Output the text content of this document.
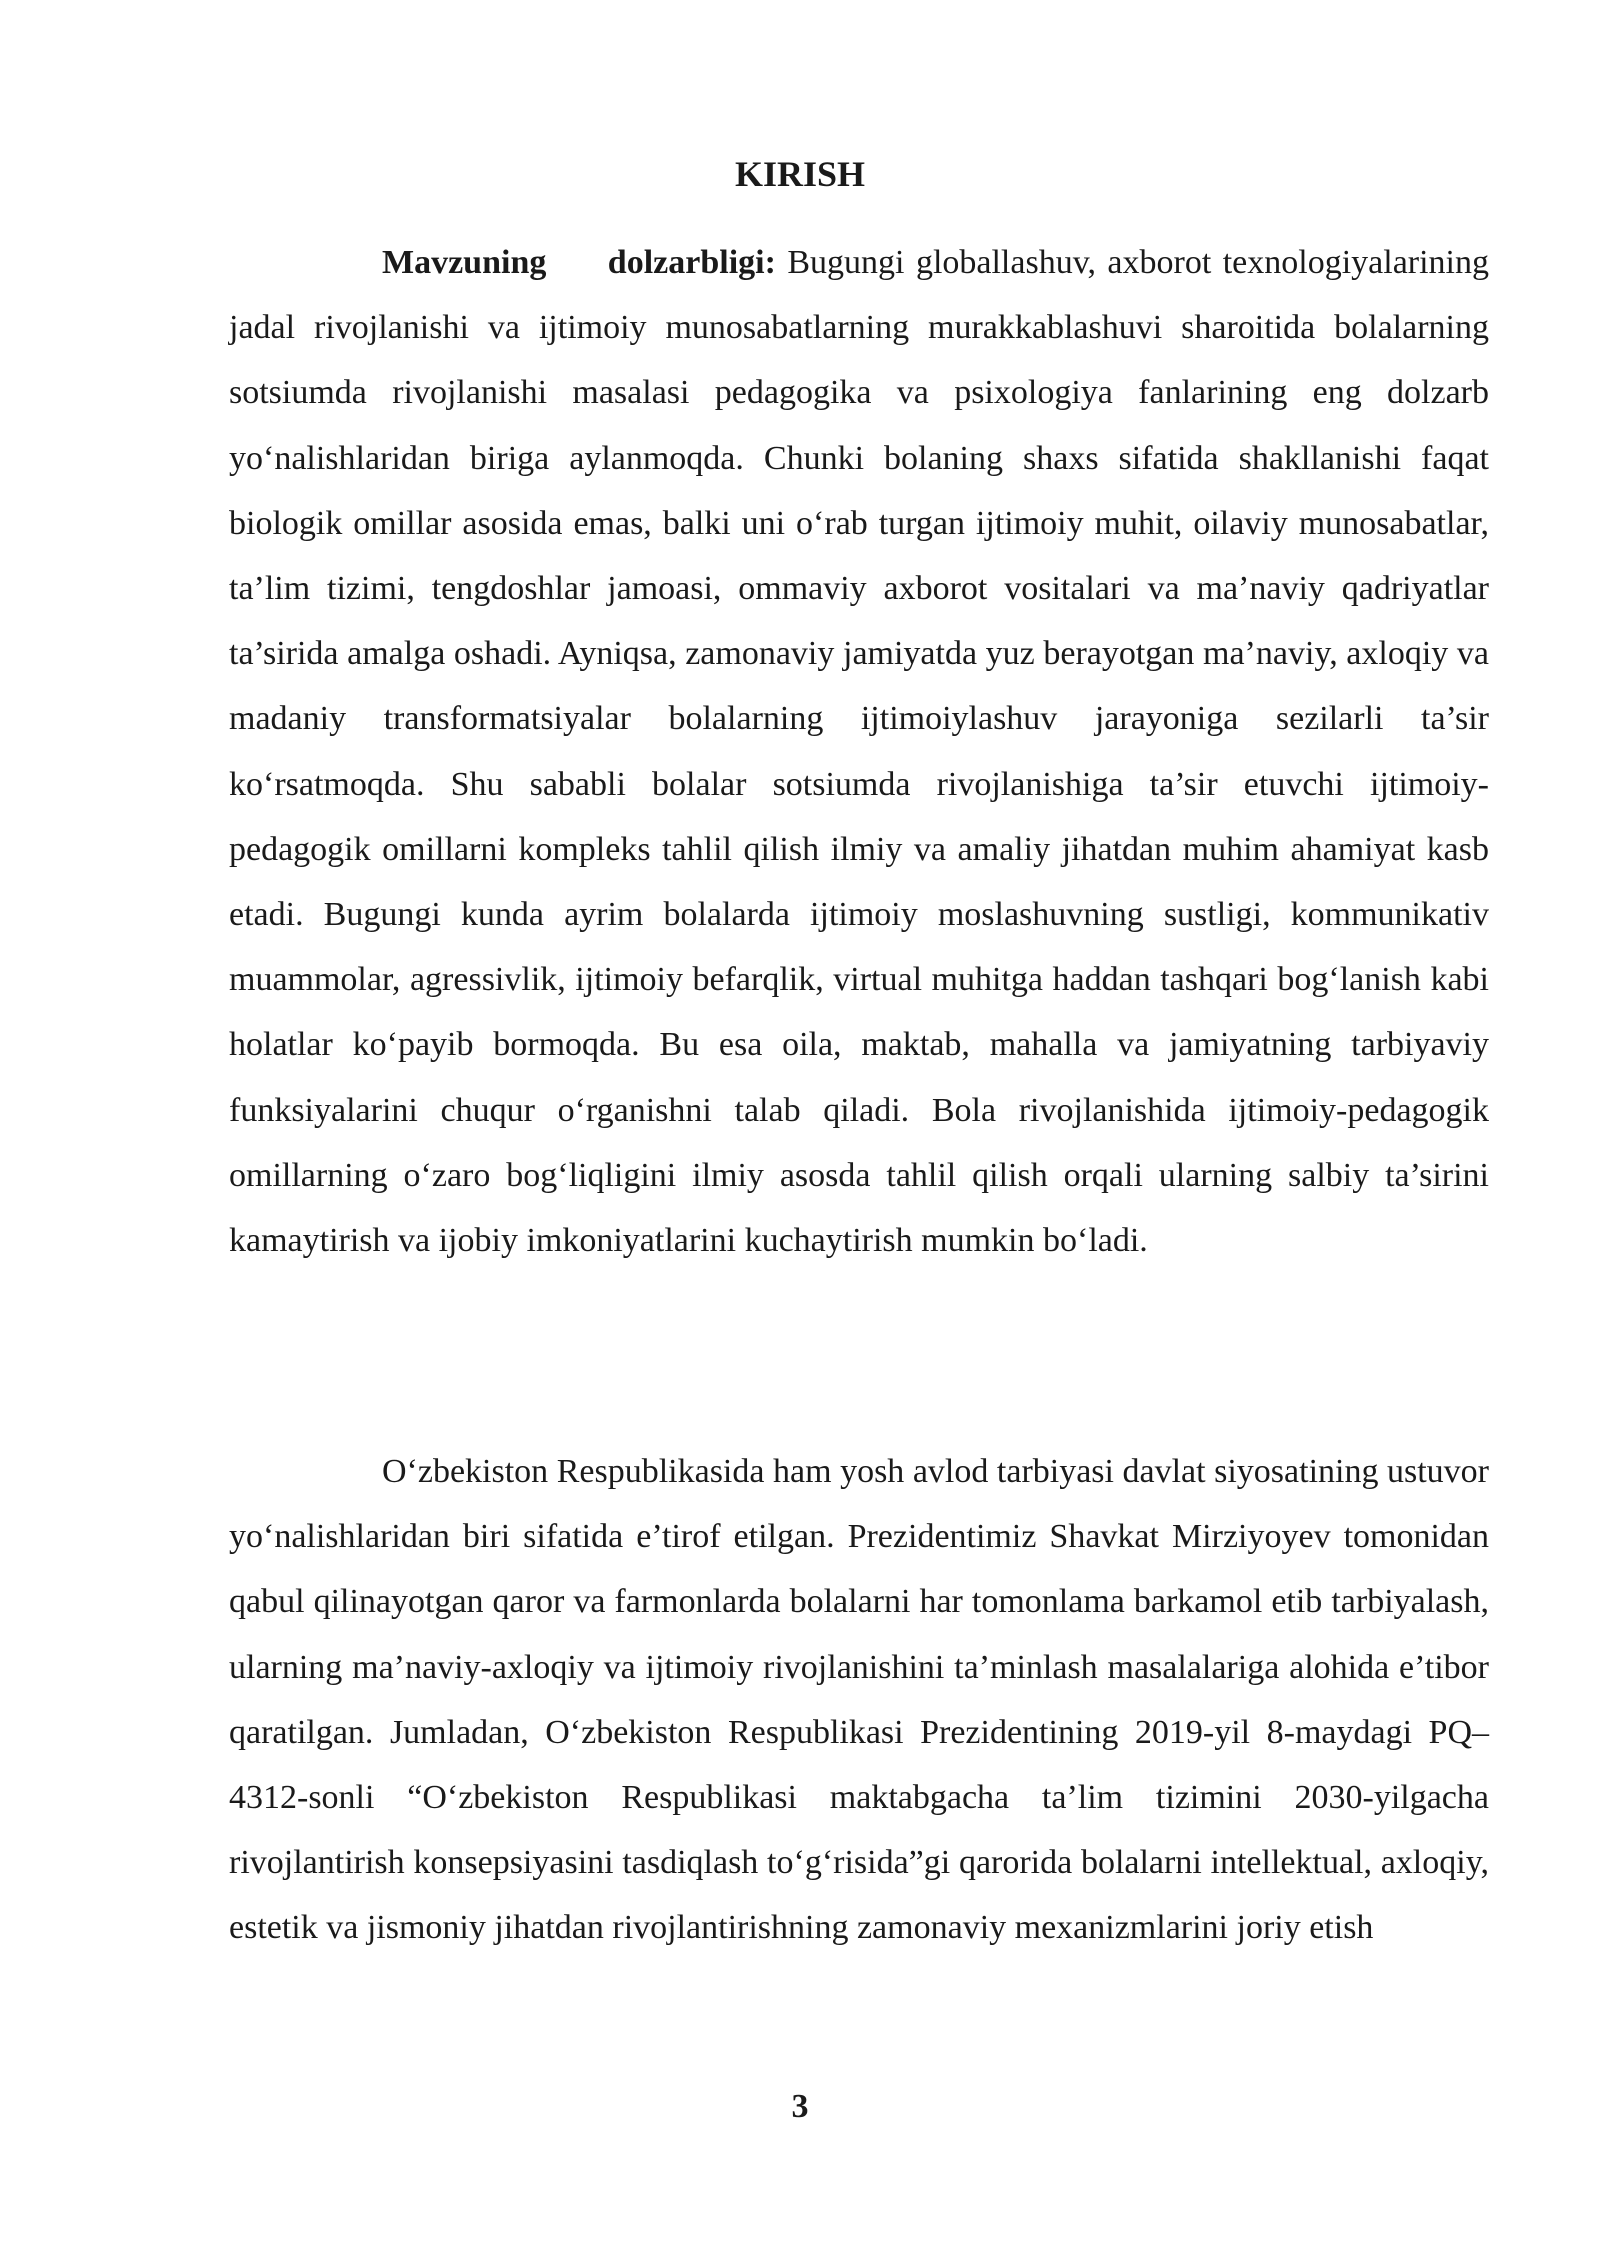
KIRISH

Mavzuning dolzarbligi: Bugungi globallashuv, axborot texnologiyalarining jadal rivojlanishi va ijtimoiy munosabatlarning murakkablashuvi sharoitida bolalarning sotsiumda rivojlanishi masalasi pedagogika va psixologiya fanlarining eng dolzarb yo‘nalishlaridan biriga aylanmoqda. Chunki bolaning shaxs sifatida shakllanishi faqat biologik omillar asosida emas, balki uni o‘rab turgan ijtimoiy muhit, oilaviy munosabatlar, ta’lim tizimi, tengdoshlar jamoasi, ommaviy axborot vositalari va ma’naviy qadriyatlar ta’sirida amalga oshadi. Ayniqsa, zamonaviy jamiyatda yuz berayotgan ma’naviy, axloqiy va madaniy transformatsiyalar bolalarning ijtimoiylashuv jarayoniga sezilarli ta’sir ko‘rsatmoqda. Shu sababli bolalar sotsiumda rivojlanishiga ta’sir etuvchi ijtimoiy-pedagogik omillarni kompleks tahlil qilish ilmiy va amaliy jihatdan muhim ahamiyat kasb etadi. Bugungi kunda ayrim bolalarda ijtimoiy moslashuvning sustligi, kommunikativ muammolar, agressivlik, ijtimoiy befarqlik, virtual muhitga haddan tashqari bog‘lanish kabi holatlar ko‘payib bormoqda. Bu esa oila, maktab, mahalla va jamiyatning tarbiyaviy funksiyalarini chuqur o‘rganishni talab qiladi. Bola rivojlanishida ijtimoiy-pedagogik omillarning o‘zaro bog‘liqligini ilmiy asosda tahlil qilish orqali ularning salbiy ta’sirini kamaytirish va ijobiy imkoniyatlarini kuchaytirish mumkin bo‘ladi.

O‘zbekiston Respublikasida ham yosh avlod tarbiyasi davlat siyosatining ustuvor yo‘nalishlaridan biri sifatida e’tirof etilgan. Prezidentimiz Shavkat Mirziyoyev tomonidan qabul qilinayotgan qaror va farmonlarda bolalarni har tomonlama barkamol etib tarbiyalash, ularning ma’naviy-axloqiy va ijtimoiy rivojlanishini ta’minlash masalalariga alohida e’tibor qaratilgan. Jumladan, O‘zbekiston Respublikasi Prezidentining 2019-yil 8-maydagi PQ–4312-sonli “O‘zbekiston Respublikasi maktabgacha ta’lim tizimini 2030-yilgacha rivojlantirish konsepsiyasini tasdiqlash to‘g‘risida”gi qarorida bolalarni intellektual, axloqiy, estetik va jismoniy jihatdan rivojlantirishning zamonaviy mexanizmlarini joriy etish

3
